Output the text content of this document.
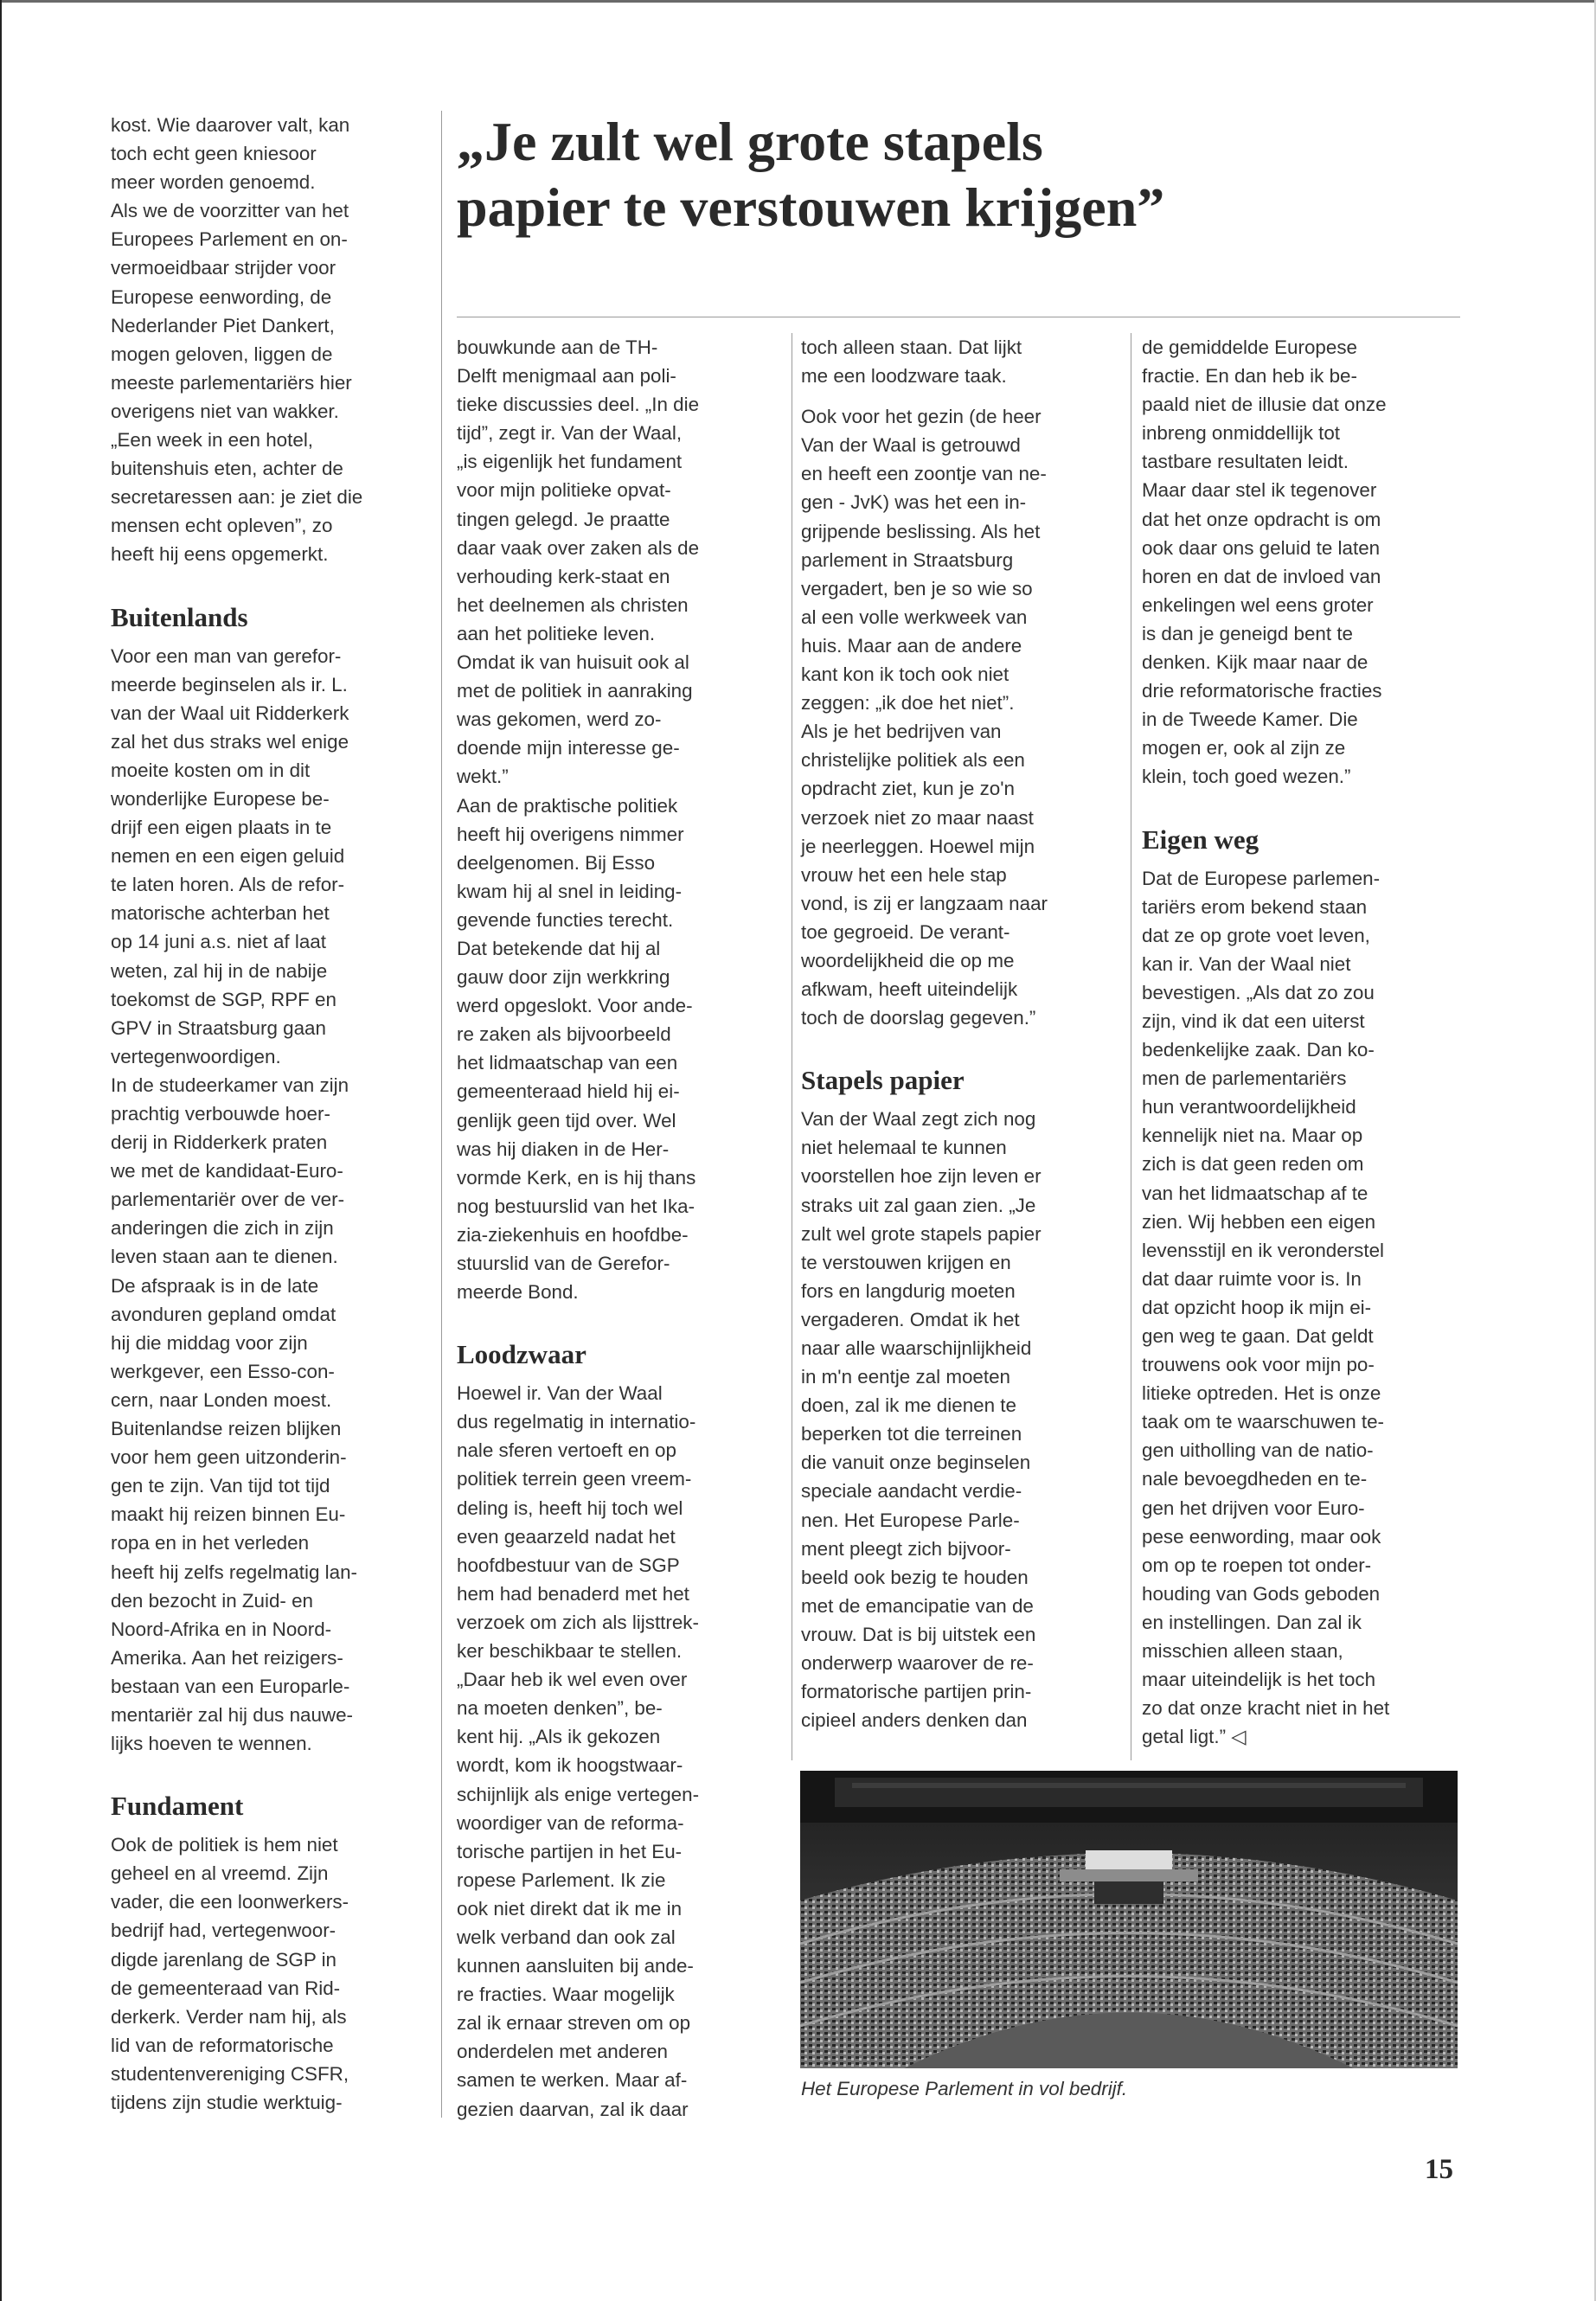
„Je zult wel grote stapels
papier te verstouwen krijgen”

kost. Wie daarover valt, kan
toch echt geen kniesoor
meer worden genoemd.
Als we de voorzitter van het
Europees Parlement en on-
vermoeidbaar strijder voor
Europese eenwording, de
Nederlander Piet Dankert,
mogen geloven, liggen de
meeste parlementariërs hier
overigens niet van wakker.
„Een week in een hotel,
buitenshuis eten, achter de
secretaressen aan: je ziet die
mensen echt opleven”, zo
heeft hij eens opgemerkt.

Buitenlands

Voor een man van gerefor-
meerde beginselen als ir. L.
van der Waal uit Ridderkerk
zal het dus straks wel enige
moeite kosten om in dit
wonderlijke Europese be-
drijf een eigen plaats in te
nemen en een eigen geluid
te laten horen. Als de refor-
matorische achterban het
op 14 juni a.s. niet af laat
weten, zal hij in de nabije
toekomst de SGP, RPF en
GPV in Straatsburg gaan
vertegenwoordigen.
In de studeerkamer van zijn
prachtig verbouwde hoer-
derij in Ridderkerk praten
we met de kandidaat-Euro-
parlementariër over de ver-
anderingen die zich in zijn
leven staan aan te dienen.
De afspraak is in de late
avonduren gepland omdat
hij die middag voor zijn
werkgever, een Esso-con-
cern, naar Londen moest.
Buitenlandse reizen blijken
voor hem geen uitzonderin-
gen te zijn. Van tijd tot tijd
maakt hij reizen binnen Eu-
ropa en in het verleden
heeft hij zelfs regelmatig lan-
den bezocht in Zuid- en
Noord-Afrika en in Noord-
Amerika. Aan het reizigers-
bestaan van een Europarle-
mentariër zal hij dus nauwe-
lijks hoeven te wennen.

Fundament

Ook de politiek is hem niet
geheel en al vreemd. Zijn
vader, die een loonwerkers-
bedrijf had, vertegenwoor-
digde jarenlang de SGP in
de gemeenteraad van Rid-
derkerk. Verder nam hij, als
lid van de reformatorische
studentenvereniging CSFR,
tijdens zijn studie werktuig-

bouwkunde aan de TH-
Delft menigmaal aan poli-
tieke discussies deel. „In die
tijd”, zegt ir. Van der Waal,
„is eigenlijk het fundament
voor mijn politieke opvat-
tingen gelegd. Je praatte
daar vaak over zaken als de
verhouding kerk-staat en
het deelnemen als christen
aan het politieke leven.
Omdat ik van huisuit ook al
met de politiek in aanraking
was gekomen, werd zo-
doende mijn interesse ge-
wekt.”
Aan de praktische politiek
heeft hij overigens nimmer
deelgenomen. Bij Esso
kwam hij al snel in leiding-
gevende functies terecht.
Dat betekende dat hij al
gauw door zijn werkkring
werd opgeslokt. Voor ande-
re zaken als bijvoorbeeld
het lidmaatschap van een
gemeenteraad hield hij ei-
genlijk geen tijd over. Wel
was hij diaken in de Her-
vormde Kerk, en is hij thans
nog bestuurslid van het Ika-
zia-ziekenhuis en hoofdbe-
stuurslid van de Gerefor-
meerde Bond.

Loodzwaar

Hoewel ir. Van der Waal
dus regelmatig in internatio-
nale sferen vertoeft en op
politiek terrein geen vreem-
deling is, heeft hij toch wel
even geaarzeld nadat het
hoofdbestuur van de SGP
hem had benaderd met het
verzoek om zich als lijsttrek-
ker beschikbaar te stellen.
„Daar heb ik wel even over
na moeten denken”, be-
kent hij. „Als ik gekozen
wordt, kom ik hoogstwaar-
schijnlijk als enige vertegen-
woordiger van de reforma-
torische partijen in het Eu-
ropese Parlement. Ik zie
ook niet direkt dat ik me in
welk verband dan ook zal
kunnen aansluiten bij ande-
re fracties. Waar mogelijk
zal ik ernaar streven om op
onderdelen met anderen
samen te werken. Maar af-
gezien daarvan, zal ik daar

toch alleen staan. Dat lijkt
me een loodzware taak.

Ook voor het gezin (de heer
Van der Waal is getrouwd
en heeft een zoontje van ne-
gen - JvK) was het een in-
grijpende beslissing. Als het
parlement in Straatsburg
vergadert, ben je so wie so
al een volle werkweek van
huis. Maar aan de andere
kant kon ik toch ook niet
zeggen: „ik doe het niet”.
Als je het bedrijven van
christelijke politiek als een
opdracht ziet, kun je zo'n
verzoek niet zo maar naast
je neerleggen. Hoewel mijn
vrouw het een hele stap
vond, is zij er langzaam naar
toe gegroeid. De verant-
woordelijkheid die op me
afkwam, heeft uiteindelijk
toch de doorslag gegeven.”

Stapels papier

Van der Waal zegt zich nog
niet helemaal te kunnen
voorstellen hoe zijn leven er
straks uit zal gaan zien. „Je
zult wel grote stapels papier
te verstouwen krijgen en
fors en langdurig moeten
vergaderen. Omdat ik het
naar alle waarschijnlijkheid
in m'n eentje zal moeten
doen, zal ik me dienen te
beperken tot die terreinen
die vanuit onze beginselen
speciale aandacht verdie-
nen. Het Europese Parle-
ment pleegt zich bijvoor-
beeld ook bezig te houden
met de emancipatie van de
vrouw. Dat is bij uitstek een
onderwerp waarover de re-
formatorische partijen prin-
cipieel anders denken dan

de gemiddelde Europese
fractie. En dan heb ik be-
paald niet de illusie dat onze
inbreng onmiddellijk tot
tastbare resultaten leidt.
Maar daar stel ik tegenover
dat het onze opdracht is om
ook daar ons geluid te laten
horen en dat de invloed van
enkelingen wel eens groter
is dan je geneigd bent te
denken. Kijk maar naar de
drie reformatorische fracties
in de Tweede Kamer. Die
mogen er, ook al zijn ze
klein, toch goed wezen.”

Eigen weg

Dat de Europese parlemen-
tariërs erom bekend staan
dat ze op grote voet leven,
kan ir. Van der Waal niet
bevestigen. „Als dat zo zou
zijn, vind ik dat een uiterst
bedenkelijke zaak. Dan ko-
men de parlementariërs
hun verantwoordelijkheid
kennelijk niet na. Maar op
zich is dat geen reden om
van het lidmaatschap af te
zien. Wij hebben een eigen
levensstijl en ik veronderstel
dat daar ruimte voor is. In
dat opzicht hoop ik mijn ei-
gen weg te gaan. Dat geldt
trouwens ook voor mijn po-
litieke optreden. Het is onze
taak om te waarschuwen te-
gen uitholling van de natio-
nale bevoegdheden en te-
gen het drijven voor Euro-
pese eenwording, maar ook
om op te roepen tot onder-
houding van Gods geboden
en instellingen. Dan zal ik
misschien alleen staan,
maar uiteindelijk is het toch
zo dat onze kracht niet in het
getal ligt.” ◁

Het Europese Parlement in vol bedrijf.

15
